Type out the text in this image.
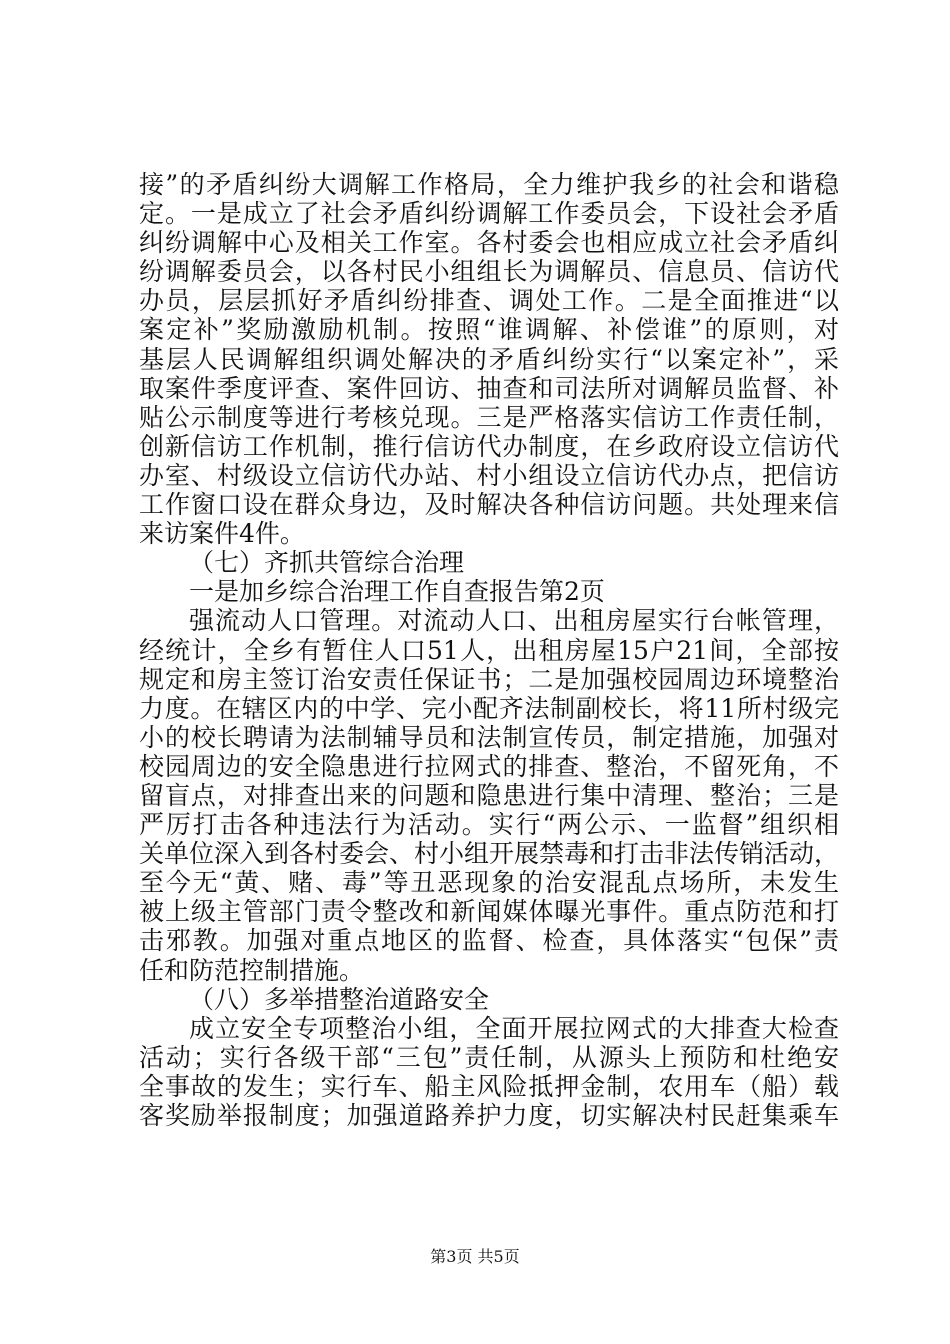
接”的矛盾纠纷大调解工作格局，全力维护我乡的社会和谐稳
定。一是成立了社会矛盾纠纷调解工作委员会，下设社会矛盾
纠纷调解中心及相关工作室。各村委会也相应成立社会矛盾纠
纷调解委员会，以各村民小组组长为调解员、信息员、信访代
办员，层层抓好矛盾纠纷排查、调处工作。二是全面推进“以
案定补”奖励激励机制。按照“谁调解、补偿谁”的原则，对
基层人民调解组织调处解决的矛盾纠纷实行“以案定补”，采
取案件季度评查、案件回访、抽查和司法所对调解员监督、补
贴公示制度等进行考核兑现。三是严格落实信访工作责任制，
创新信访工作机制，推行信访代办制度，在乡政府设立信访代
办室、村级设立信访代办站、村小组设立信访代办点，把信访
工作窗口设在群众身边，及时解决各种信访问题。共处理来信
来访案件4件。
（七）齐抓共管综合治理
一是加乡综合治理工作自查报告第2页
强流动人口管理。对流动人口、出租房屋实行台帐管理，
经统计，全乡有暂住人口51人，出租房屋15户21间，全部按
规定和房主签订治安责任保证书；二是加强校园周边环境整治
力度。在辖区内的中学、完小配齐法制副校长，将11所村级完
小的校长聘请为法制辅导员和法制宣传员，制定措施，加强对
校园周边的安全隐患进行拉网式的排查、整治，不留死角，不
留盲点，对排查出来的问题和隐患进行集中清理、整治；三是
严厉打击各种违法行为活动。实行“两公示、一监督”组织相
关单位深入到各村委会、村小组开展禁毒和打击非法传销活动，
至今无“黄、赌、毒”等丑恶现象的治安混乱点场所，未发生
被上级主管部门责令整改和新闻媒体曝光事件。重点防范和打
击邪教。加强对重点地区的监督、检查，具体落实“包保”责
任和防范控制措施。
（八）多举措整治道路安全
成立安全专项整治小组，全面开展拉网式的大排查大检查
活动；实行各级干部“三包”责任制，从源头上预防和杜绝安
全事故的发生；实行车、船主风险抵押金制，农用车（船）载
客奖励举报制度；加强道路养护力度，切实解决村民赶集乘车
第3页 共5页
